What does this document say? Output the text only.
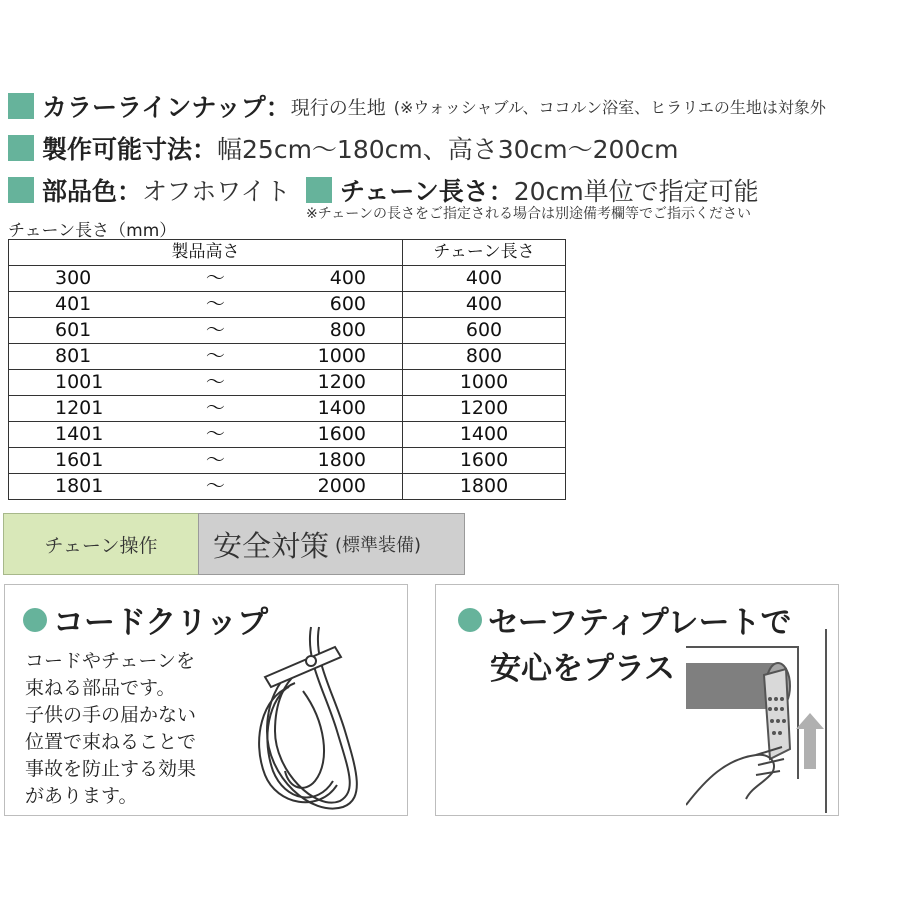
カラーラインナップ： 現行の生地 (※ウォッシャブル、ココルン浴室、ヒラリエの生地は対象外
製作可能寸法： 幅25cm～180cm、高さ30cm～200cm
部品色： オフホワイト チェーン長さ： 20cm単位で指定可能
※チェーンの長さをご指定される場合は別途備考欄等でご指示ください
チェーン長さ（mm）
製品高さ			チェーン長さ
300	～	400	400
401	～	600	400
601	～	800	600
801	～	1000	800
1001	～	1200	1000
1201	～	1400	1200
1401	～	1600	1400
1601	～	1800	1600
1801	～	2000	1800
チェーン操作 安全対策 (標準装備)
コードクリップ
コードやチェーンを
束ねる部品です。
子供の手の届かない
位置で束ねることで
事故を防止する効果
があります。
セーフティプレートで
安心をプラス
